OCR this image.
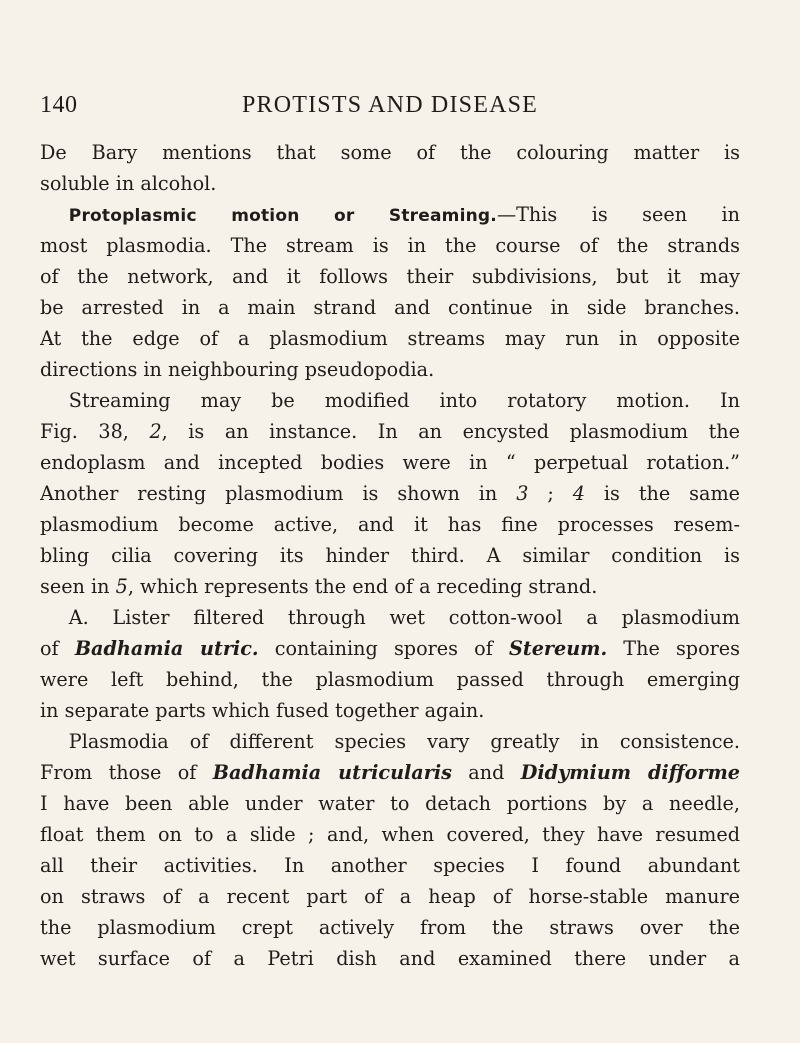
140	PROTISTS AND DISEASE
De Bary mentions that some of the colouring matter is
soluble in alcohol.
Protoplasmic motion or Streaming.—This is seen in
most plasmodia. The stream is in the course of the strands
of the network, and it follows their subdivisions, but it may
be arrested in a main strand and continue in side branches.
At the edge of a plasmodium streams may run in opposite
directions in neighbouring pseudopodia.
Streaming may be modified into rotatory motion. In
Fig. 38, 2, is an instance. In an encysted plasmodium the
endoplasm and incepted bodies were in “ perpetual rotation.”
Another resting plasmodium is shown in 3 ; 4 is the same
plasmodium become active, and it has fine processes resem-
bling cilia covering its hinder third. A similar condition is
seen in 5, which represents the end of a receding strand.
A. Lister filtered through wet cotton-wool a plasmodium
of Badhamia utric. containing spores of Stereum. The spores
were left behind, the plasmodium passed through emerging
in separate parts which fused together again.
Plasmodia of different species vary greatly in consistence.
From those of Badhamia utricularis and Didymium difforme
I have been able under water to detach portions by a needle,
float them on to a slide ; and, when covered, they have resumed
all their activities. In another species I found abundant
on straws of a recent part of a heap of horse-stable manure
the plasmodium crept actively from the straws over the
wet surface of a Petri dish and examined there under a
